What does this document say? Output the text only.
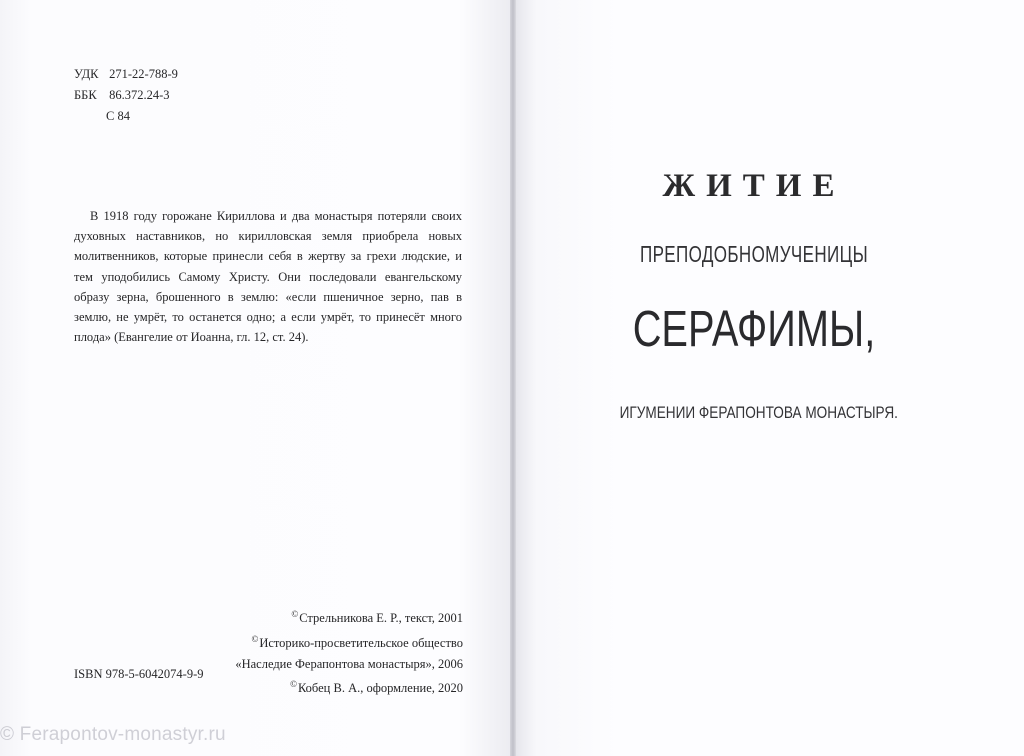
УДК 271-22-788-9
ББК 86.372.24-3
С 84

В 1918 году горожане Кириллова и два монастыря потеряли своих духовных наставников, но кирилловская земля приобрела новых молитвенников, которые принесли себя в жертву за грехи людские, и тем уподобились Самому Христу. Они последовали евангельскому образу зерна, брошенного в землю: «если пшеничное зерно, пав в землю, не умрёт, то останется одно; а если умрёт, то принесёт много плода» (Евангелие от Иоанна, гл. 12, ст. 24).

©Стрельникова Е. Р., текст, 2001
©Историко-просветительское общество
«Наследие Ферапонтова монастыря», 2006
©Кобец В. А., оформление, 2020
ISBN 978-5-6042074-9-9
ЖИТИЕ
ПРЕПОДОБНОМУЧЕНИЦЫ
СЕРАФИМЫ,
ИГУМЕНИИ ФЕРАПОНТОВА МОНАСТЫРЯ.
© Ferapontov-monastyr.ru
